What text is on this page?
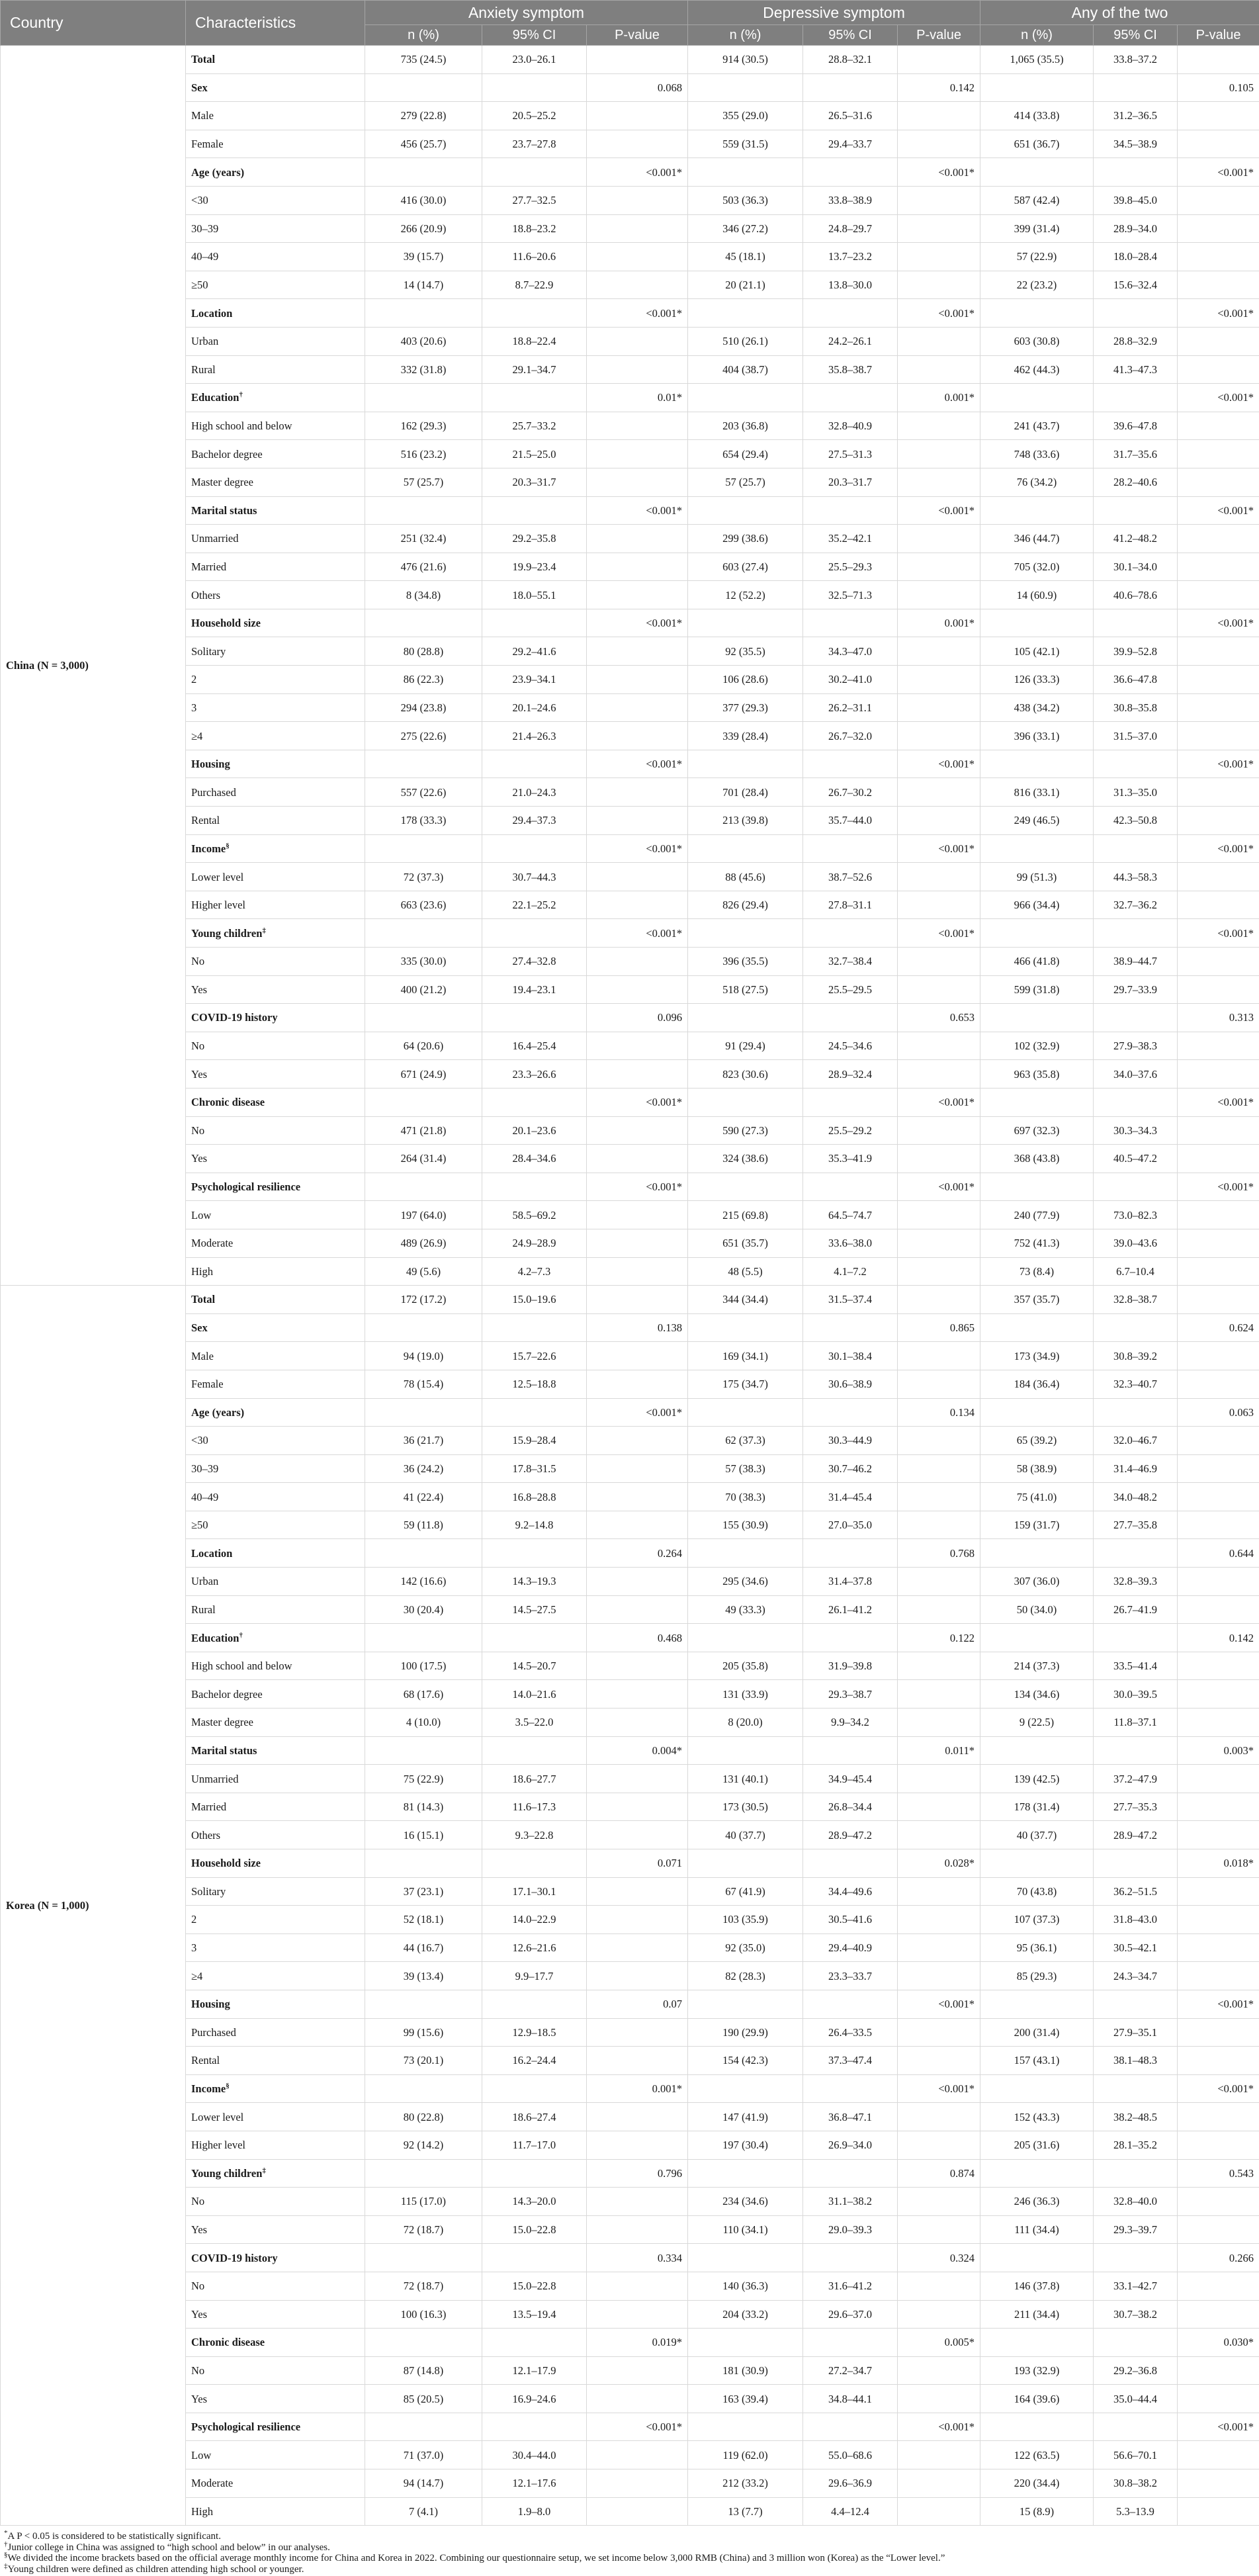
Country	Characteristics	Anxiety symptom			Depressive symptom			Any of the two		
		n (%)	95% CI	P-value	n (%)	95% CI	P-value	n (%)	95% CI	P-value
China (N = 3,000)	Total	735 (24.5)	23.0–26.1		914 (30.5)	28.8–32.1		1,065 (35.5)	33.8–37.2	
	Sex			0.068			0.142			0.105
	Male	279 (22.8)	20.5–25.2		355 (29.0)	26.5–31.6		414 (33.8)	31.2–36.5	
	Female	456 (25.7)	23.7–27.8		559 (31.5)	29.4–33.7		651 (36.7)	34.5–38.9	
	Age (years)			<0.001*			<0.001*			<0.001*
	<30	416 (30.0)	27.7–32.5		503 (36.3)	33.8–38.9		587 (42.4)	39.8–45.0	
	30–39	266 (20.9)	18.8–23.2		346 (27.2)	24.8–29.7		399 (31.4)	28.9–34.0	
	40–49	39 (15.7)	11.6–20.6		45 (18.1)	13.7–23.2		57 (22.9)	18.0–28.4	
	≥50	14 (14.7)	8.7–22.9		20 (21.1)	13.8–30.0		22 (23.2)	15.6–32.4	
	Location			<0.001*			<0.001*			<0.001*
	Urban	403 (20.6)	18.8–22.4		510 (26.1)	24.2–26.1		603 (30.8)	28.8–32.9	
	Rural	332 (31.8)	29.1–34.7		404 (38.7)	35.8–38.7		462 (44.3)	41.3–47.3	
	Education†			0.01*			0.001*			<0.001*
	High school and below	162 (29.3)	25.7–33.2		203 (36.8)	32.8–40.9		241 (43.7)	39.6–47.8	
	Bachelor degree	516 (23.2)	21.5–25.0		654 (29.4)	27.5–31.3		748 (33.6)	31.7–35.6	
	Master degree	57 (25.7)	20.3–31.7		57 (25.7)	20.3–31.7		76 (34.2)	28.2–40.6	
	Marital status			<0.001*			<0.001*			<0.001*
	Unmarried	251 (32.4)	29.2–35.8		299 (38.6)	35.2–42.1		346 (44.7)	41.2–48.2	
	Married	476 (21.6)	19.9–23.4		603 (27.4)	25.5–29.3		705 (32.0)	30.1–34.0	
	Others	8 (34.8)	18.0–55.1		12 (52.2)	32.5–71.3		14 (60.9)	40.6–78.6	
	Household size			<0.001*			0.001*			<0.001*
	Solitary	80 (28.8)	29.2–41.6		92 (35.5)	34.3–47.0		105 (42.1)	39.9–52.8	
	2	86 (22.3)	23.9–34.1		106 (28.6)	30.2–41.0		126 (33.3)	36.6–47.8	
	3	294 (23.8)	20.1–24.6		377 (29.3)	26.2–31.1		438 (34.2)	30.8–35.8	
	≥4	275 (22.6)	21.4–26.3		339 (28.4)	26.7–32.0		396 (33.1)	31.5–37.0	
	Housing			<0.001*			<0.001*			<0.001*
	Purchased	557 (22.6)	21.0–24.3		701 (28.4)	26.7–30.2		816 (33.1)	31.3–35.0	
	Rental	178 (33.3)	29.4–37.3		213 (39.8)	35.7–44.0		249 (46.5)	42.3–50.8	
	Income§			<0.001*			<0.001*			<0.001*
	Lower level	72 (37.3)	30.7–44.3		88 (45.6)	38.7–52.6		99 (51.3)	44.3–58.3	
	Higher level	663 (23.6)	22.1–25.2		826 (29.4)	27.8–31.1		966 (34.4)	32.7–36.2	
	Young children‡			<0.001*			<0.001*			<0.001*
	No	335 (30.0)	27.4–32.8		396 (35.5)	32.7–38.4		466 (41.8)	38.9–44.7	
	Yes	400 (21.2)	19.4–23.1		518 (27.5)	25.5–29.5		599 (31.8)	29.7–33.9	
	COVID-19 history			0.096			0.653			0.313
	No	64 (20.6)	16.4–25.4		91 (29.4)	24.5–34.6		102 (32.9)	27.9–38.3	
	Yes	671 (24.9)	23.3–26.6		823 (30.6)	28.9–32.4		963 (35.8)	34.0–37.6	
	Chronic disease			<0.001*			<0.001*			<0.001*
	No	471 (21.8)	20.1–23.6		590 (27.3)	25.5–29.2		697 (32.3)	30.3–34.3	
	Yes	264 (31.4)	28.4–34.6		324 (38.6)	35.3–41.9		368 (43.8)	40.5–47.2	
	Psychological resilience			<0.001*			<0.001*			<0.001*
	Low	197 (64.0)	58.5–69.2		215 (69.8)	64.5–74.7		240 (77.9)	73.0–82.3	
	Moderate	489 (26.9)	24.9–28.9		651 (35.7)	33.6–38.0		752 (41.3)	39.0–43.6	
	High	49 (5.6)	4.2–7.3		48 (5.5)	4.1–7.2		73 (8.4)	6.7–10.4	
Korea (N = 1,000)	Total	172 (17.2)	15.0–19.6		344 (34.4)	31.5–37.4		357 (35.7)	32.8–38.7	
	Sex			0.138			0.865			0.624
	Male	94 (19.0)	15.7–22.6		169 (34.1)	30.1–38.4		173 (34.9)	30.8–39.2	
	Female	78 (15.4)	12.5–18.8		175 (34.7)	30.6–38.9		184 (36.4)	32.3–40.7	
	Age (years)			<0.001*			0.134			0.063
	<30	36 (21.7)	15.9–28.4		62 (37.3)	30.3–44.9		65 (39.2)	32.0–46.7	
	30–39	36 (24.2)	17.8–31.5		57 (38.3)	30.7–46.2		58 (38.9)	31.4–46.9	
	40–49	41 (22.4)	16.8–28.8		70 (38.3)	31.4–45.4		75 (41.0)	34.0–48.2	
	≥50	59 (11.8)	9.2–14.8		155 (30.9)	27.0–35.0		159 (31.7)	27.7–35.8	
	Location			0.264			0.768			0.644
	Urban	142 (16.6)	14.3–19.3		295 (34.6)	31.4–37.8		307 (36.0)	32.8–39.3	
	Rural	30 (20.4)	14.5–27.5		49 (33.3)	26.1–41.2		50 (34.0)	26.7–41.9	
	Education†			0.468			0.122			0.142
	High school and below	100 (17.5)	14.5–20.7		205 (35.8)	31.9–39.8		214 (37.3)	33.5–41.4	
	Bachelor degree	68 (17.6)	14.0–21.6		131 (33.9)	29.3–38.7		134 (34.6)	30.0–39.5	
	Master degree	4 (10.0)	3.5–22.0		8 (20.0)	9.9–34.2		9 (22.5)	11.8–37.1	
	Marital status			0.004*			0.011*			0.003*
	Unmarried	75 (22.9)	18.6–27.7		131 (40.1)	34.9–45.4		139 (42.5)	37.2–47.9	
	Married	81 (14.3)	11.6–17.3		173 (30.5)	26.8–34.4		178 (31.4)	27.7–35.3	
	Others	16 (15.1)	9.3–22.8		40 (37.7)	28.9–47.2		40 (37.7)	28.9–47.2	
	Household size			0.071			0.028*			0.018*
	Solitary	37 (23.1)	17.1–30.1		67 (41.9)	34.4–49.6		70 (43.8)	36.2–51.5	
	2	52 (18.1)	14.0–22.9		103 (35.9)	30.5–41.6		107 (37.3)	31.8–43.0	
	3	44 (16.7)	12.6–21.6		92 (35.0)	29.4–40.9		95 (36.1)	30.5–42.1	
	≥4	39 (13.4)	9.9–17.7		82 (28.3)	23.3–33.7		85 (29.3)	24.3–34.7	
	Housing			0.07			<0.001*			<0.001*
	Purchased	99 (15.6)	12.9–18.5		190 (29.9)	26.4–33.5		200 (31.4)	27.9–35.1	
	Rental	73 (20.1)	16.2–24.4		154 (42.3)	37.3–47.4		157 (43.1)	38.1–48.3	
	Income§			0.001*			<0.001*			<0.001*
	Lower level	80 (22.8)	18.6–27.4		147 (41.9)	36.8–47.1		152 (43.3)	38.2–48.5	
	Higher level	92 (14.2)	11.7–17.0		197 (30.4)	26.9–34.0		205 (31.6)	28.1–35.2	
	Young children‡			0.796			0.874			0.543
	No	115 (17.0)	14.3–20.0		234 (34.6)	31.1–38.2		246 (36.3)	32.8–40.0	
	Yes	72 (18.7)	15.0–22.8		110 (34.1)	29.0–39.3		111 (34.4)	29.3–39.7	
	COVID-19 history			0.334			0.324			0.266
	No	72 (18.7)	15.0–22.8		140 (36.3)	31.6–41.2		146 (37.8)	33.1–42.7	
	Yes	100 (16.3)	13.5–19.4		204 (33.2)	29.6–37.0		211 (34.4)	30.7–38.2	
	Chronic disease			0.019*			0.005*			0.030*
	No	87 (14.8)	12.1–17.9		181 (30.9)	27.2–34.7		193 (32.9)	29.2–36.8	
	Yes	85 (20.5)	16.9–24.6		163 (39.4)	34.8–44.1		164 (39.6)	35.0–44.4	
	Psychological resilience			<0.001*			<0.001*			<0.001*
	Low	71 (37.0)	30.4–44.0		119 (62.0)	55.0–68.6		122 (63.5)	56.6–70.1	
	Moderate	94 (14.7)	12.1–17.6		212 (33.2)	29.6–36.9		220 (34.4)	30.8–38.2	
	High	7 (4.1)	1.9–8.0		13 (7.7)	4.4–12.4		15 (8.9)	5.3–13.9	
*A P < 0.05 is considered to be statistically significant.
†Junior college in China was assigned to “high school and below” in our analyses.
§We divided the income brackets based on the official average monthly income for China and Korea in 2022. Combining our questionnaire setup, we set income below 3,000 RMB (China) and 3 million won (Korea) as the “Lower level.”
‡Young children were defined as children attending high school or younger.
